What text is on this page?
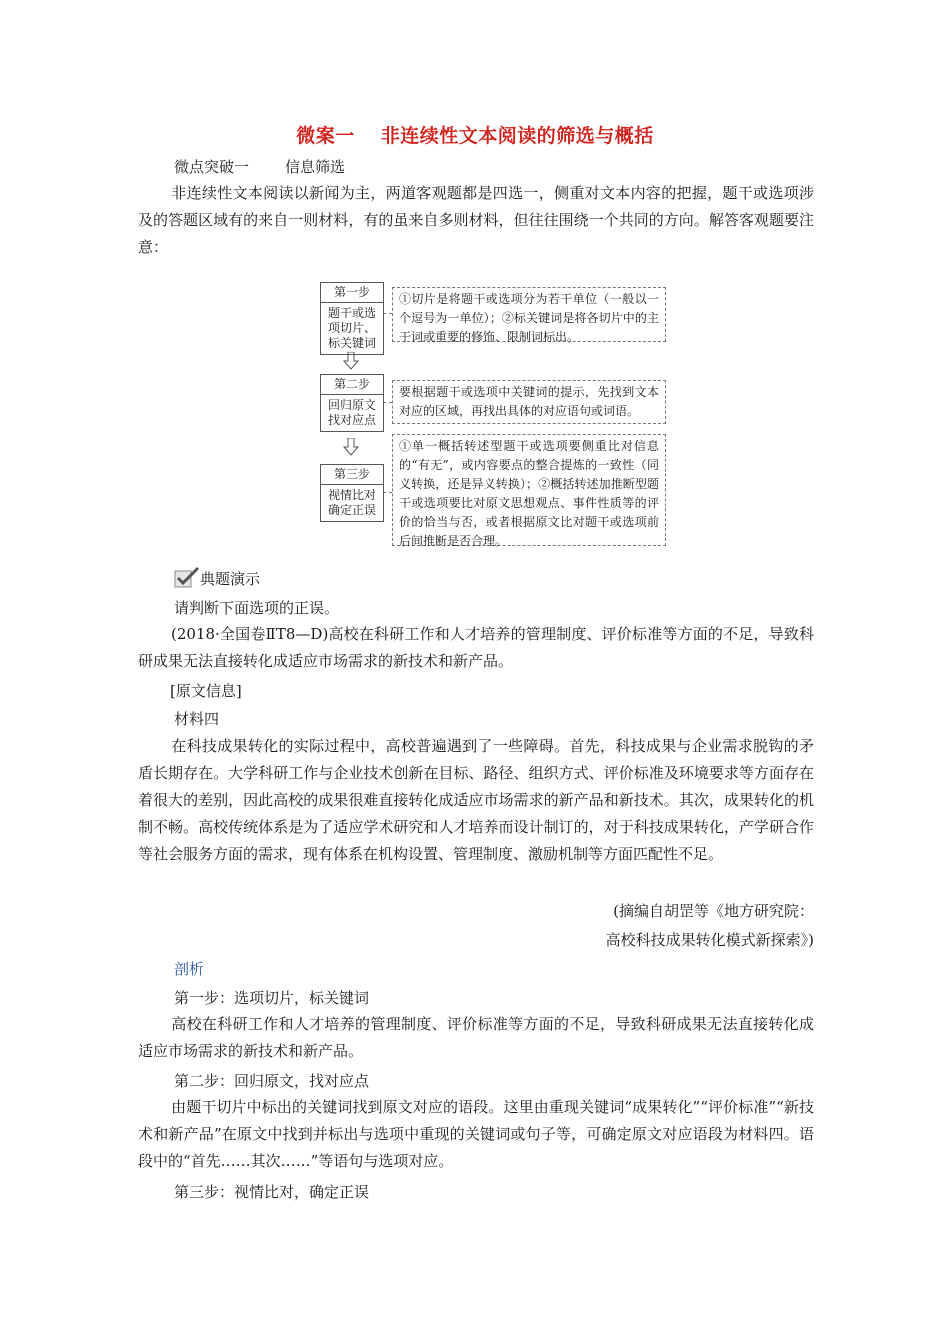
微案一 非连续性文本阅读的筛选与概括
微点突破一 信息筛选
非连续性文本阅读以新闻为主，两道客观题都是四选一，侧重对文本内容的把握，题干或选项涉及的答题区域有的来自一则材料，有的虽来自多则材料，但往往围绕一个共同的方向。解答客观题要注意：
第一步
题干或选项切片、标关键词
①切片是将题干或选项分为若干单位（一般以一个逗号为一单位）；②标关键词是将各切片中的主干词或重要的修饰、限制词标出。
第二步
回归原文找对应点
要根据题干或选项中关键词的提示，先找到文本对应的区域，再找出具体的对应语句或词语。
第三步
视情比对确定正误
①单一概括转述型题干或选项要侧重比对信息的“有无”，或内容要点的整合提炼的一致性（同义转换，还是异义转换）；②概括转述加推断型题干或选项要比对原文思想观点、事件性质等的评价的恰当与否，或者根据原文比对题干或选项前后间推断是否合理。
典题演示
请判断下面选项的正误。
(2018·全国卷ⅡT8—D)高校在科研工作和人才培养的管理制度、评价标准等方面的不足，导致科研成果无法直接转化成适应市场需求的新技术和新产品。
[原文信息]
材料四
在科技成果转化的实际过程中，高校普遍遇到了一些障碍。首先，科技成果与企业需求脱钩的矛盾长期存在。大学科研工作与企业技术创新在目标、路径、组织方式、评价标准及环境要求等方面存在着很大的差别，因此高校的成果很难直接转化成适应市场需求的新产品和新技术。其次，成果转化的机制不畅。高校传统体系是为了适应学术研究和人才培养而设计制订的，对于科技成果转化，产学研合作等社会服务方面的需求，现有体系在机构设置、管理制度、激励机制等方面匹配性不足。
(摘编自胡罡等《地方研究院：
高校科技成果转化模式新探索》)
剖析
第一步：选项切片，标关键词
高校在科研工作和人才培养的管理制度、评价标准等方面的不足，导致科研成果无法直接转化成适应市场需求的新技术和新产品。
第二步：回归原文，找对应点
由题干切片中标出的关键词找到原文对应的语段。这里由重现关键词“成果转化”“评价标准”“新技术和新产品”在原文中找到并标出与选项中重现的关键词或句子等，可确定原文对应语段为材料四。语段中的“首先……其次……”等语句与选项对应。
第三步：视情比对，确定正误
